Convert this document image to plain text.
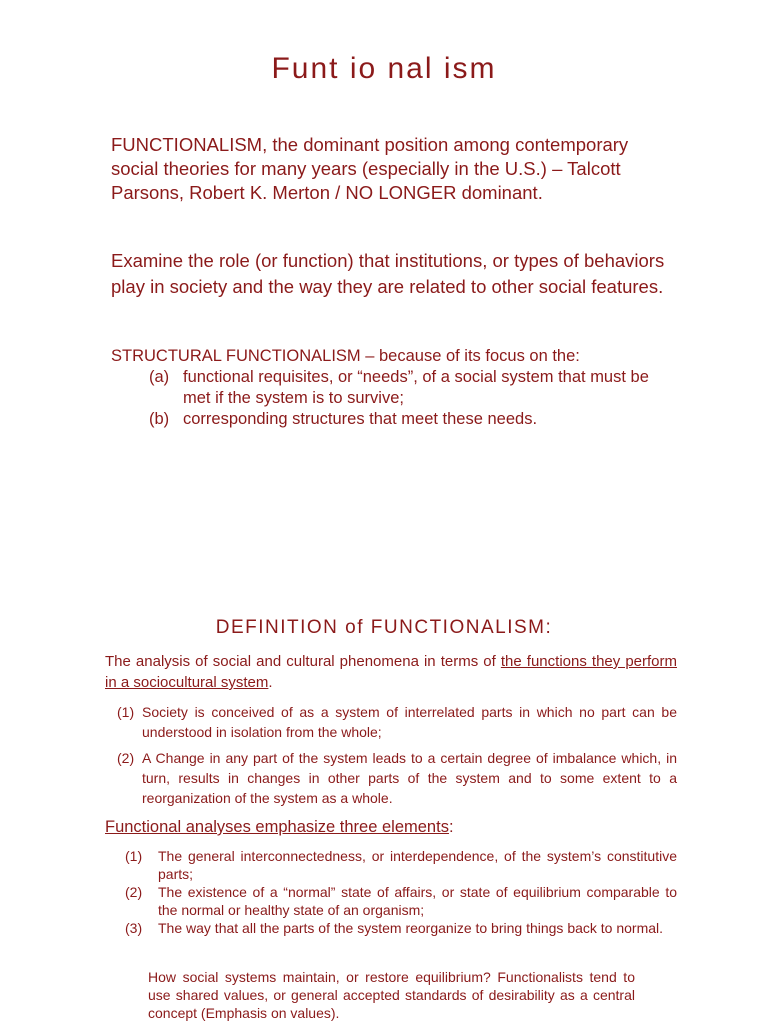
Funt io nal ism

FUNCTIONALISM, the dominant position among contemporary social theories for many years (especially in the U.S.) – Talcott Parsons, Robert K. Merton / NO LONGER dominant.

Examine the role (or function) that institutions, or types of behaviors play in society and the way they are related to other social features.

STRUCTURAL FUNCTIONALISM – because of its focus on the:
(a) functional requisites, or “needs”, of a social system that must be met if the system is to survive;
(b) corresponding structures that meet these needs.
DEFINITION of FUNCTIONALISM:

The analysis of social and cultural phenomena in terms of the functions they perform in a sociocultural system.

(1) Society is conceived of as a system of interrelated parts in which no part can be understood in isolation from the whole;
(2) A Change in any part of the system leads to a certain degree of imbalance which, in turn, results in changes in other parts of the system and to some extent to a reorganization of the system as a whole.
Functional analyses emphasize three elements:
(1)	The general interconnectedness, or interdependence, of the system’s constitutive parts;
(2)	The existence of a “normal” state of affairs, or state of equilibrium comparable to the normal or healthy state of an organism;
(3)	The way that all the parts of the system reorganize to bring things back to normal.

How social systems maintain, or restore equilibrium? Functionalists tend to use shared values, or general accepted standards of desirability as a central concept (Emphasis on values).
